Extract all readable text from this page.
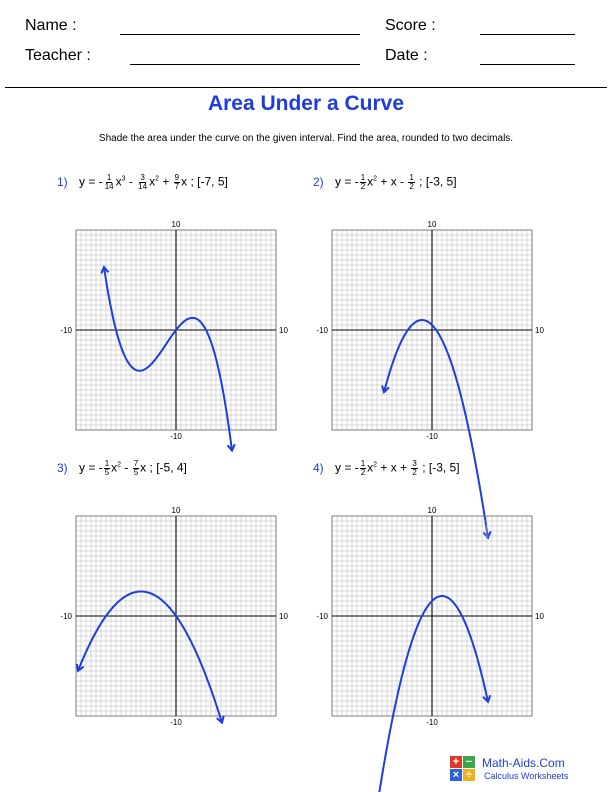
Name :	Score :
Teacher :	Date :
Area Under a Curve
Shade the area under the curve on the given interval. Find the area, rounded to two decimals.
1) y = - $\frac{1}{14} x^3 - \frac{3}{14} x^2 + \frac{9}{7}$ x ; [-7, 5]	2) y = - $\frac{1}{2} x^2 + x - \frac{1}{2}$ ; [-3, 5]
3) y = - $\frac{1}{5} x^2 - \frac{7}{5}$ x ; [-5, 4]	4) y = - $\frac{1}{2} x^2 + x + \frac{3}{2}$ ; [-3, 5]
10
-10
-10	10
10
-10
-10	10
10
-10
-10	10
10
-10
-10	10
+ −
× ÷
Math-Aids.Com
Calculus Worksheets
